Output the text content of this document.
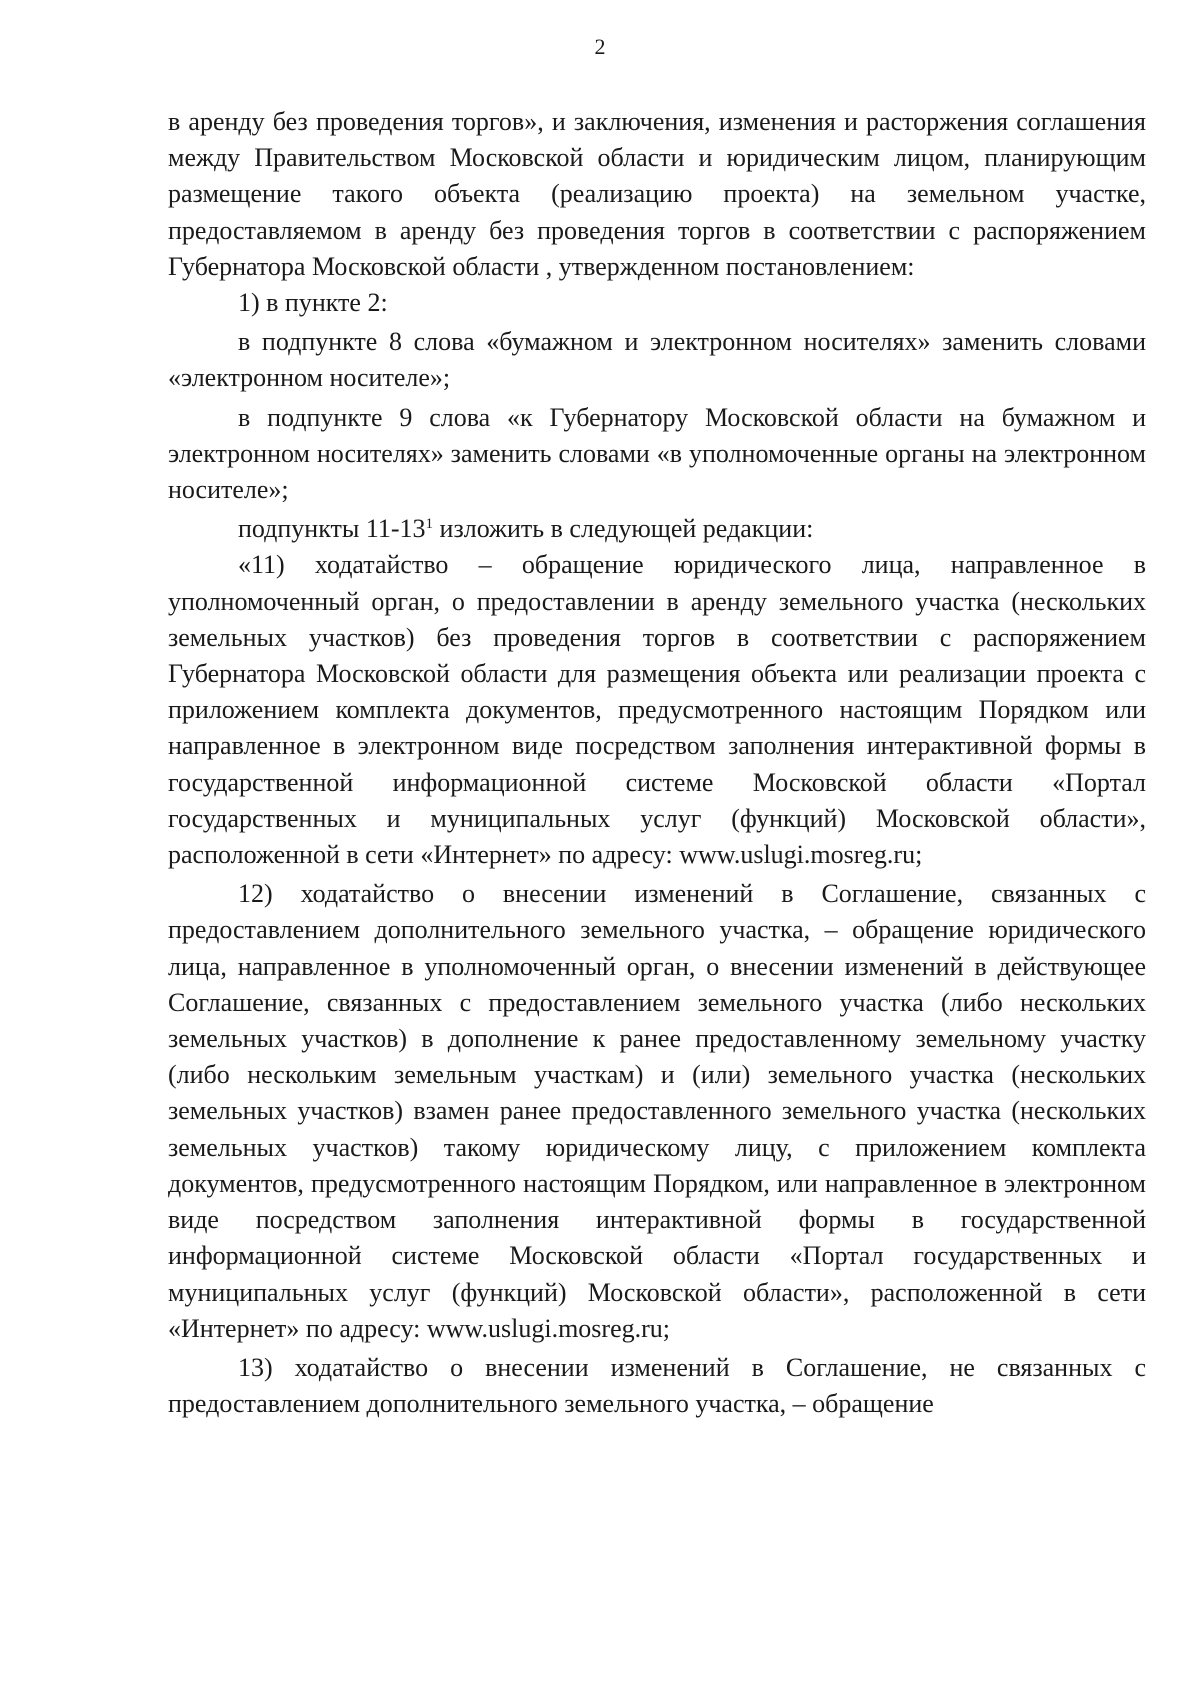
2

в аренду без проведения торгов», и заключения, изменения и расторжения соглашения между Правительством Московской области и юридическим лицом, планирующим размещение такого объекта (реализацию проекта) на земельном участке, предоставляемом в аренду без проведения торгов в соответствии с распоряжением Губернатора Московской области , утвержденном постановлением:

1) в пункте 2:

в подпункте 8 слова «бумажном и электронном носителях» заменить словами «электронном носителе»;

в подпункте 9 слова «к Губернатору Московской области на бумажном и электронном носителях» заменить словами «в уполномоченные органы на электронном носителе»;

подпункты $11-13^1$ изложить в следующей редакции:

«11) ходатайство – обращение юридического лица, направленное в уполномоченный орган, о предоставлении в аренду земельного участка (нескольких земельных участков) без проведения торгов в соответствии с распоряжением Губернатора Московской области для размещения объекта или реализации проекта с приложением комплекта документов, предусмотренного настоящим Порядком или направленное в электронном виде посредством заполнения интерактивной формы в государственной информационной системе Московской области «Портал государственных и муниципальных услуг (функций) Московской области», расположенной в сети «Интернет» по адресу: www.uslugi.mosreg.ru;

12) ходатайство о внесении изменений в Соглашение, связанных с предоставлением дополнительного земельного участка, – обращение юридического лица, направленное в уполномоченный орган, о внесении изменений в действующее Соглашение, связанных с предоставлением земельного участка (либо нескольких земельных участков) в дополнение к ранее предоставленному земельному участку (либо нескольким земельным участкам) и (или) земельного участка (нескольких земельных участков) взамен ранее предоставленного земельного участка (нескольких земельных участков) такому юридическому лицу, с приложением комплекта документов, предусмотренного настоящим Порядком, или направленное в электронном виде посредством заполнения интерактивной формы в государственной информационной системе Московской области «Портал государственных и муниципальных услуг (функций) Московской области», расположенной в сети «Интернет» по адресу: www.uslugi.mosreg.ru;

13) ходатайство о внесении изменений в Соглашение, не связанных с предоставлением дополнительного земельного участка, – обращение
